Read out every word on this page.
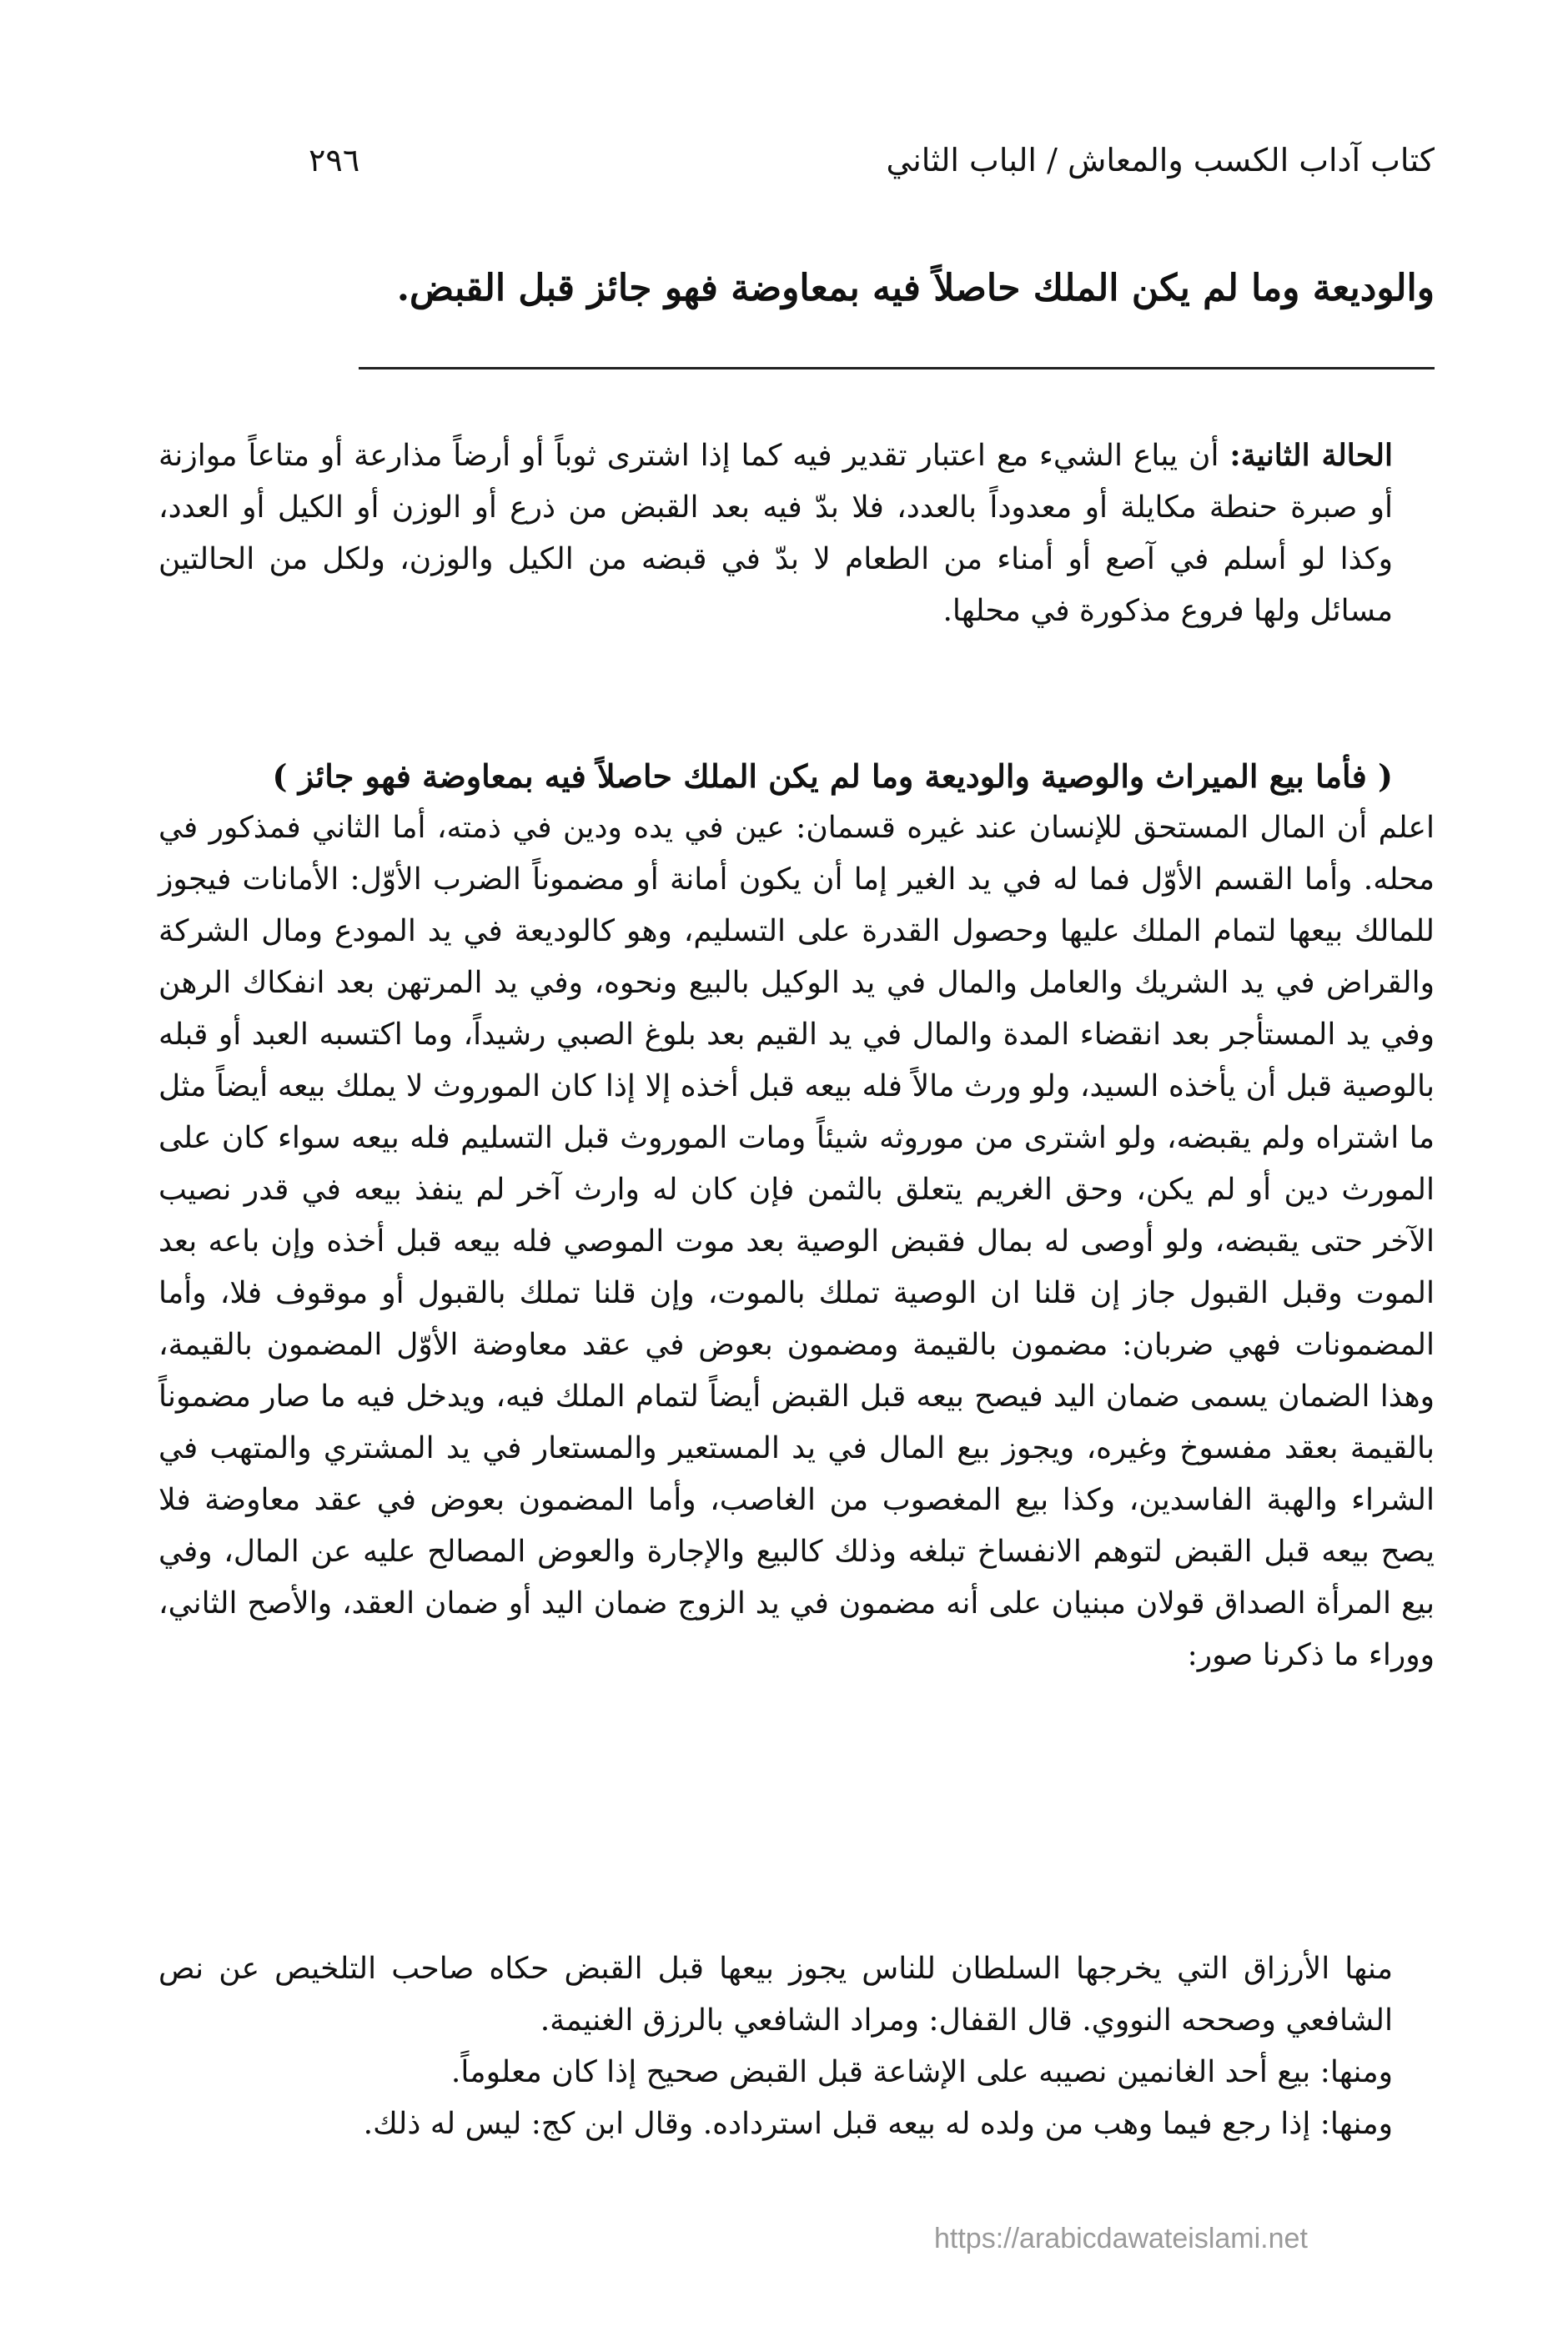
كتاب آداب الكسب والمعاش / الباب الثاني
٢٩٦
والوديعة وما لم يكن الملك حاصلاً فيه بمعاوضة فهو جائز قبل القبض.

الحالة الثانية: أن يباع الشيء مع اعتبار تقدير فيه كما إذا اشترى ثوباً أو أرضاً مذارعة أو متاعاً موازنة أو صبرة حنطة مكايلة أو معدوداً بالعدد، فلا بدّ فيه بعد القبض من ذرع أو الوزن أو الكيل أو العدد، وكذا لو أسلم في آصع أو أمناء من الطعام لا بدّ في قبضه من الكيل والوزن، ولكل من الحالتين مسائل ولها فروع مذكورة في محلها.

( فأما بيع الميراث والوصية والوديعة وما لم يكن الملك حاصلاً فيه بمعاوضة فهو جائز )

اعلم أن المال المستحق للإنسان عند غيره قسمان: عين في يده ودين في ذمته، أما الثاني فمذكور في محله. وأما القسم الأوّل فما له في يد الغير إما أن يكون أمانة أو مضموناً الضرب الأوّل: الأمانات فيجوز للمالك بيعها لتمام الملك عليها وحصول القدرة على التسليم، وهو كالوديعة في يد المودع ومال الشركة والقراض في يد الشريك والعامل والمال في يد الوكيل بالبيع ونحوه، وفي يد المرتهن بعد انفكاك الرهن وفي يد المستأجر بعد انقضاء المدة والمال في يد القيم بعد بلوغ الصبي رشيداً، وما اكتسبه العبد أو قبله بالوصية قبل أن يأخذه السيد، ولو ورث مالاً فله بيعه قبل أخذه إلا إذا كان الموروث لا يملك بيعه أيضاً مثل ما اشتراه ولم يقبضه، ولو اشترى من موروثه شيئاً ومات الموروث قبل التسليم فله بيعه سواء كان على المورث دين أو لم يكن، وحق الغريم يتعلق بالثمن فإن كان له وارث آخر لم ينفذ بيعه في قدر نصيب الآخر حتى يقبضه، ولو أوصى له بمال فقبض الوصية بعد موت الموصي فله بيعه قبل أخذه وإن باعه بعد الموت وقبل القبول جاز إن قلنا ان الوصية تملك بالموت، وإن قلنا تملك بالقبول أو موقوف فلا، وأما المضمونات فهي ضربان: مضمون بالقيمة ومضمون بعوض في عقد معاوضة الأوّل المضمون بالقيمة، وهذا الضمان يسمى ضمان اليد فيصح بيعه قبل القبض أيضاً لتمام الملك فيه، ويدخل فيه ما صار مضموناً بالقيمة بعقد مفسوخ وغيره، ويجوز بيع المال في يد المستعير والمستعار في يد المشتري والمتهب في الشراء والهبة الفاسدين، وكذا بيع المغصوب من الغاصب، وأما المضمون بعوض في عقد معاوضة فلا يصح بيعه قبل القبض لتوهم الانفساخ تبلغه وذلك كالبيع والإجارة والعوض المصالح عليه عن المال، وفي بيع المرأة الصداق قولان مبنيان على أنه مضمون في يد الزوج ضمان اليد أو ضمان العقد، والأصح الثاني، ووراء ما ذكرنا صور:

منها الأرزاق التي يخرجها السلطان للناس يجوز بيعها قبل القبض حكاه صاحب التلخيص عن نص الشافعي وصححه النووي. قال القفال: ومراد الشافعي بالرزق الغنيمة.

ومنها: بيع أحد الغانمين نصيبه على الإشاعة قبل القبض صحيح إذا كان معلوماً.

ومنها: إذا رجع فيما وهب من ولده له بيعه قبل استرداده. وقال ابن كج: ليس له ذلك.

https://arabicdawateislami.net
